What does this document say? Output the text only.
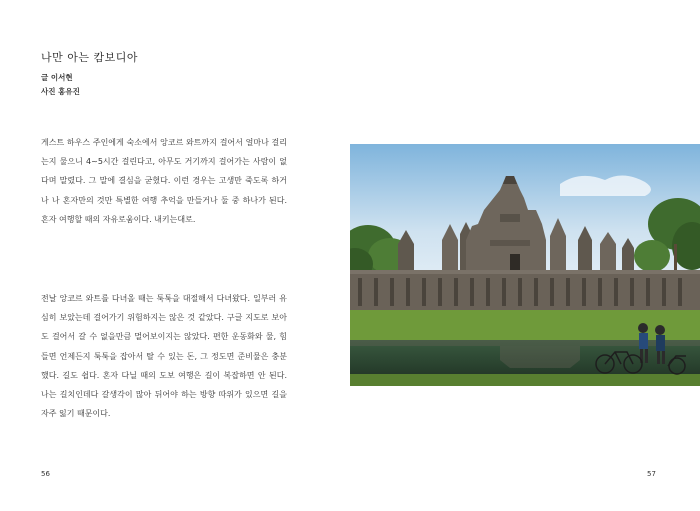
나만 아는 캄보디아
글 이서현
사진 홍유진

게스트 하우스 주인에게 숙소에서 앙코르 와트까지 걸어서 얼마나 걸리는지 물으니 4~5시간 걸린다고, 아무도 거기까지 걸어가는 사람이 없다며 말렸다. 그 말에 결심을 굳혔다. 이런 경우는 고생만 죽도록 하거나 나 혼자만의 것만 특별한 여행 추억을 만들거나 둘 중 하나가 된다. 혼자 여행할 때의 자유로움이다. 내키는대로.

전날 앙코르 와트를 다녀올 때는 툭툭을 대절해서 다녀왔다. 일부러 유심히 보았는데 걸어가기 위험하지는 않은 것 같았다. 구글 지도로 보아도 걸어서 갈 수 없을만큼 멀어보이지는 않았다. 편한 운동화와 물, 힘들면 언제든지 툭툭을 잡아서 탈 수 있는 돈, 그 정도면 준비물은 충분했다. 길도 쉽다. 혼자 다닐 때의 도보 여행은 길이 복잡하면 안 된다. 나는 길치인데다 갈생각이 많아 뒤어야 하는 방향 따위가 있으면 길을 자주 잃기 때문이다.

56	57
